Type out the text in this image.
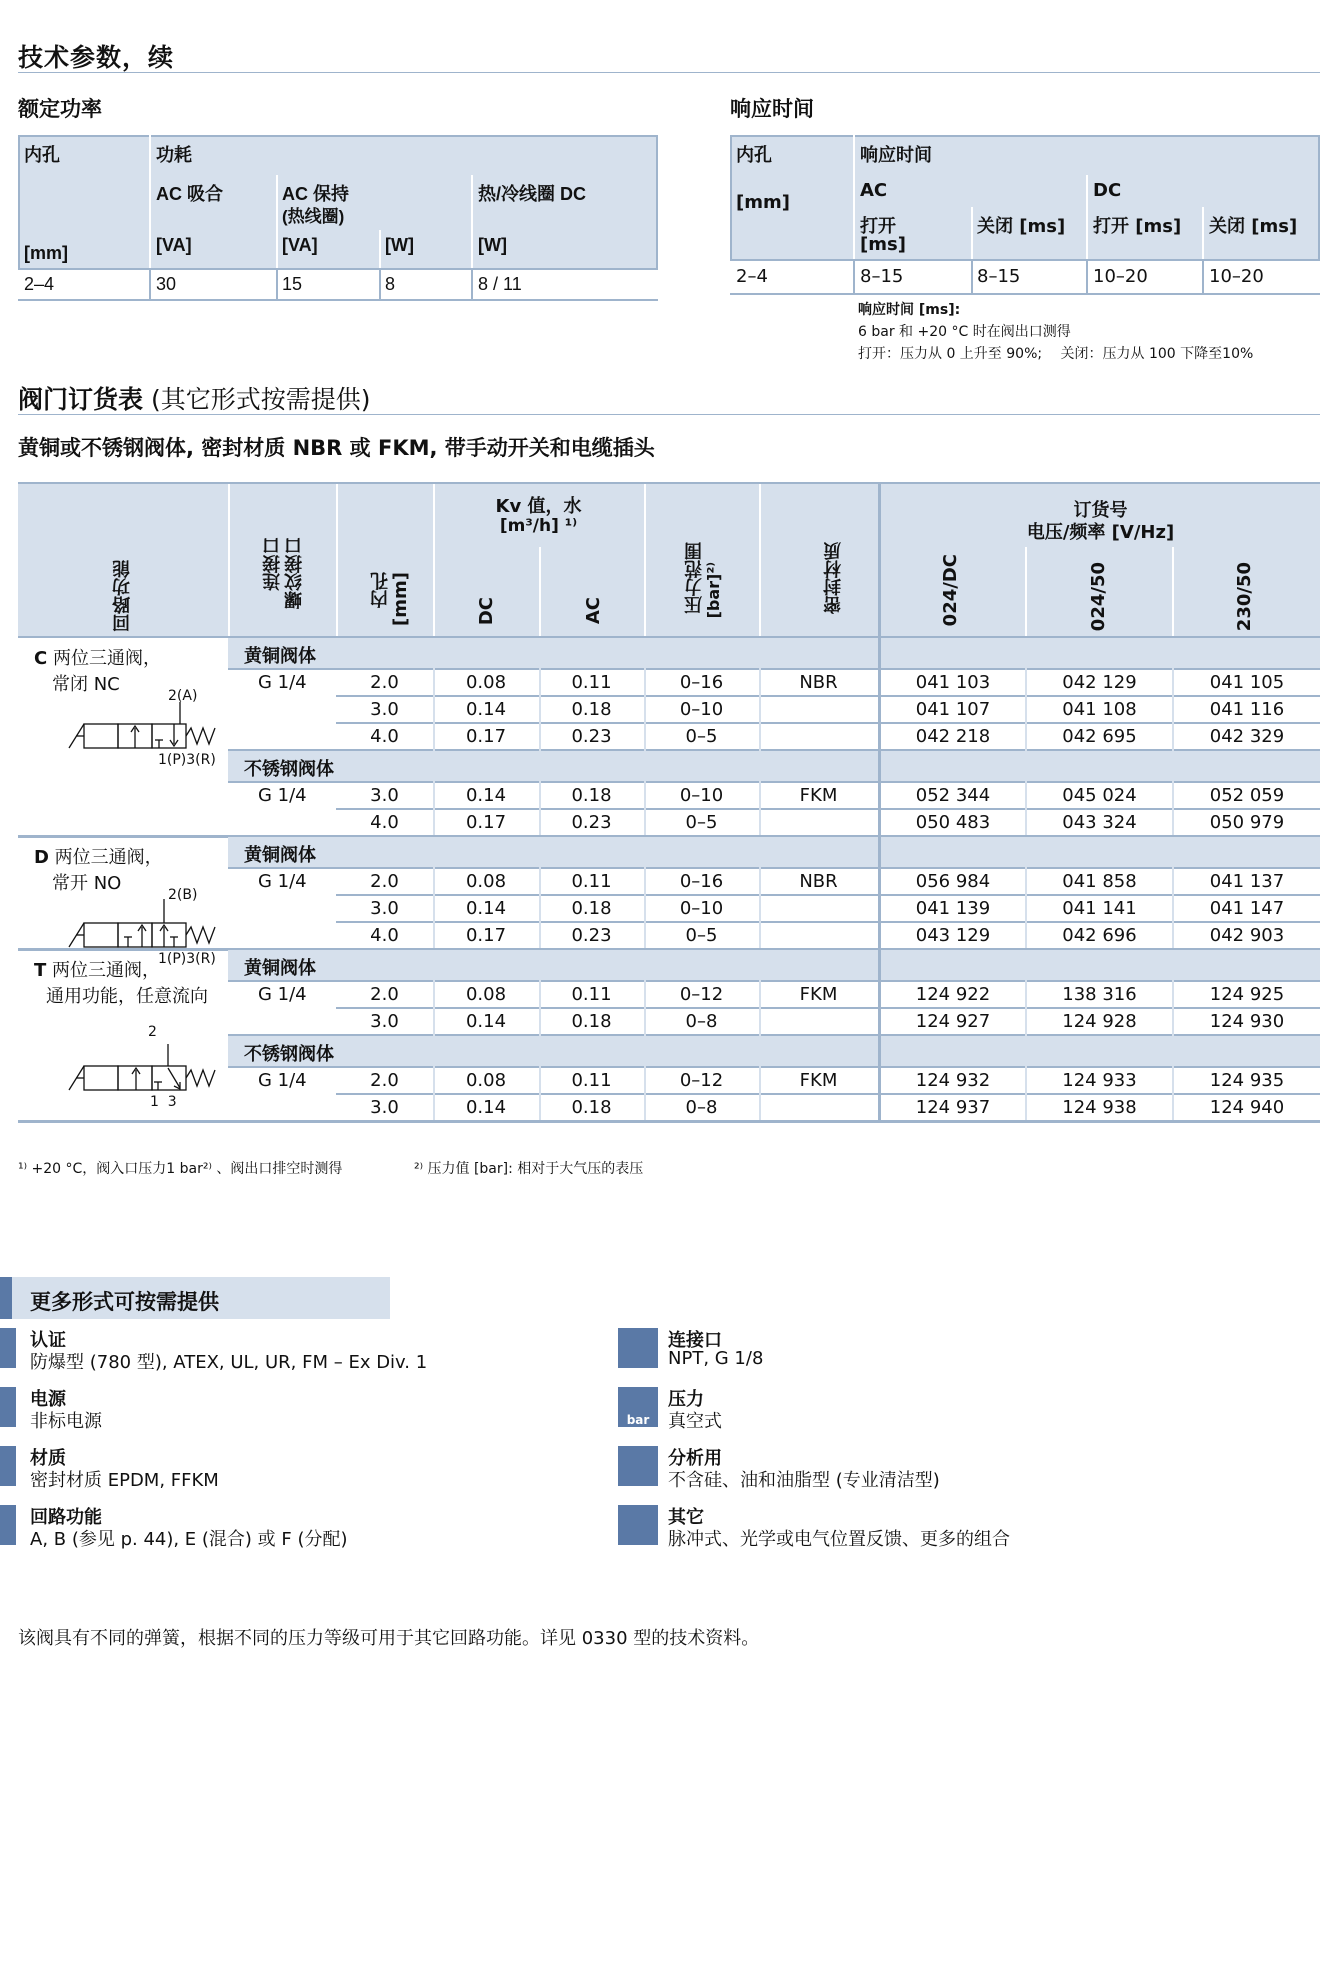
技术参数，续
额定功率
内孔
[mm]
功耗
AC 吸合
[VA]
AC 保持
(热线圈)
[VA]	[W]
热/冷线圈 DC
[W]
2–4	30	15	8	8 / 11
响应时间
内孔
[mm]
响应时间
AC	DC
打开
[ms]
关闭 [ms] 打开 [ms] 关闭 [ms]
2–4	8–15	8–15	10–20	10–20
响应时间 [ms]:
6 bar 和 +20 °C 时在阀出口测得
打开：压力从 0 上升至 90%;　 关闭：压力从 100 下降至10%
阀门订货表 (其它形式按需提供)
黄铜或不锈钢阀体, 密封材质 NBR 或 FKM, 带手动开关和电缆插头
回路功能	连接口 螺纹接口	内孔 [mm]
Kv 值，水
[m³/h] ¹⁾
DC	AC	压力范围 [bar]²⁾	密封材质
订货号
电压/频率 [V/Hz]
024/DC	024/50	230/50
黄铜阀体
G 1/4	NBR
2.0	0.08	0.11	0–16	041 103	042 129	041 105
3.0	0.14	0.18	0–10	041 107	041 108	041 116
4.0	0.17	0.23	0–5	042 218	042 695	042 329
不锈钢阀体
G 1/4	FKM
3.0	0.14	0.18	0–10	052 344	045 024	052 059
4.0	0.17	0.23	0–5	050 483	043 324	050 979
C 两位三通阀，
常闭 NC
2(A)
1(P)3(R)
黄铜阀体
G 1/4	NBR
2.0	0.08	0.11	0–16	056 984	041 858	041 137
3.0	0.14	0.18	0–10	041 139	041 141	041 147
4.0	0.17	0.23	0–5	043 129	042 696	042 903
D 两位三通阀，
常开 NO
2(B)
1(P)3(R) 黄铜阀体
G 1/4	FKM
2.0	0.08	0.11	0–12	124 922	138 316	124 925
3.0	0.14	0.18	0–8	124 927	124 928	124 930
不锈钢阀体
G 1/4	FKM
2.0	0.08	0.11	0–12	124 932	124 933	124 935
3.0	0.14	0.18	0–8	124 937	124 938	124 940
T 两位三通阀，
通用功能，任意流向
2
1  3
¹⁾ +20 °C，阀入口压力1 bar²⁾ 、阀出口排空时测得	²⁾ 压力值 [bar]: 相对于大气压的表压
更多形式可按需提供
认证
防爆型 (780 型), ATEX, UL, UR, FM – Ex Div. 1
电源
非标电源
材质
密封材质 EPDM, FFKM
回路功能
A, B (参见 p. 44), E (混合) 或 F (分配)
连接口
NPT, G 1/8
bar
压力
真空式
分析用
不含硅、油和油脂型 (专业清洁型)
其它
脉冲式、光学或电气位置反馈、更多的组合
该阀具有不同的弹簧，根据不同的压力等级可用于其它回路功能。详见 0330 型的技术资料。
